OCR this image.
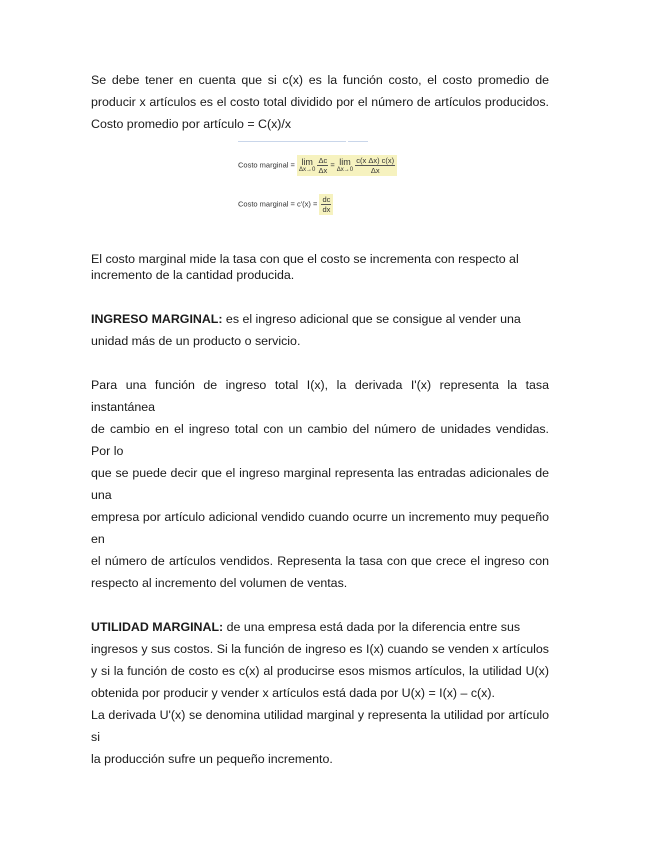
Se debe tener en cuenta que si c(x) es la función costo, el costo promedio de
producir x artículos es el costo total dividido por el número de artículos producidos.
Costo promedio por artículo = C(x)/x
Costo marginal = lim
Δx→0
$\frac{\Delta c}{\Delta x} = \lim$
Δx→0
$\frac{\text{c(x Δx) c(x)}}{\Delta x}$
Costo marginal = $c'(x) = \frac{dc}{dx}$
El costo marginal mide la tasa con que el costo se incrementa con respecto al
incremento de la cantidad producida.
INGRESO MARGINAL: es el ingreso adicional que se consigue al vender una
unidad más de un producto o servicio.
Para una función de ingreso total I(x), la derivada I'(x) representa la tasa
instantánea
de cambio en el ingreso total con un cambio del número de unidades vendidas.
Por lo
que se puede decir que el ingreso marginal representa las entradas adicionales de
una
empresa por artículo adicional vendido cuando ocurre un incremento muy pequeño
en
el número de artículos vendidos. Representa la tasa con que crece el ingreso con
respecto al incremento del volumen de ventas.
UTILIDAD MARGINAL: de una empresa está dada por la diferencia entre sus
ingresos y sus costos. Si la función de ingreso es I(x) cuando se venden x artículos
y si la función de costo es c(x) al producirse esos mismos artículos, la utilidad U(x)
obtenida por producir y vender x artículos está dada por U(x) = I(x) – c(x).
La derivada U'(x) se denomina utilidad marginal y representa la utilidad por artículo
si
la producción sufre un pequeño incremento.
